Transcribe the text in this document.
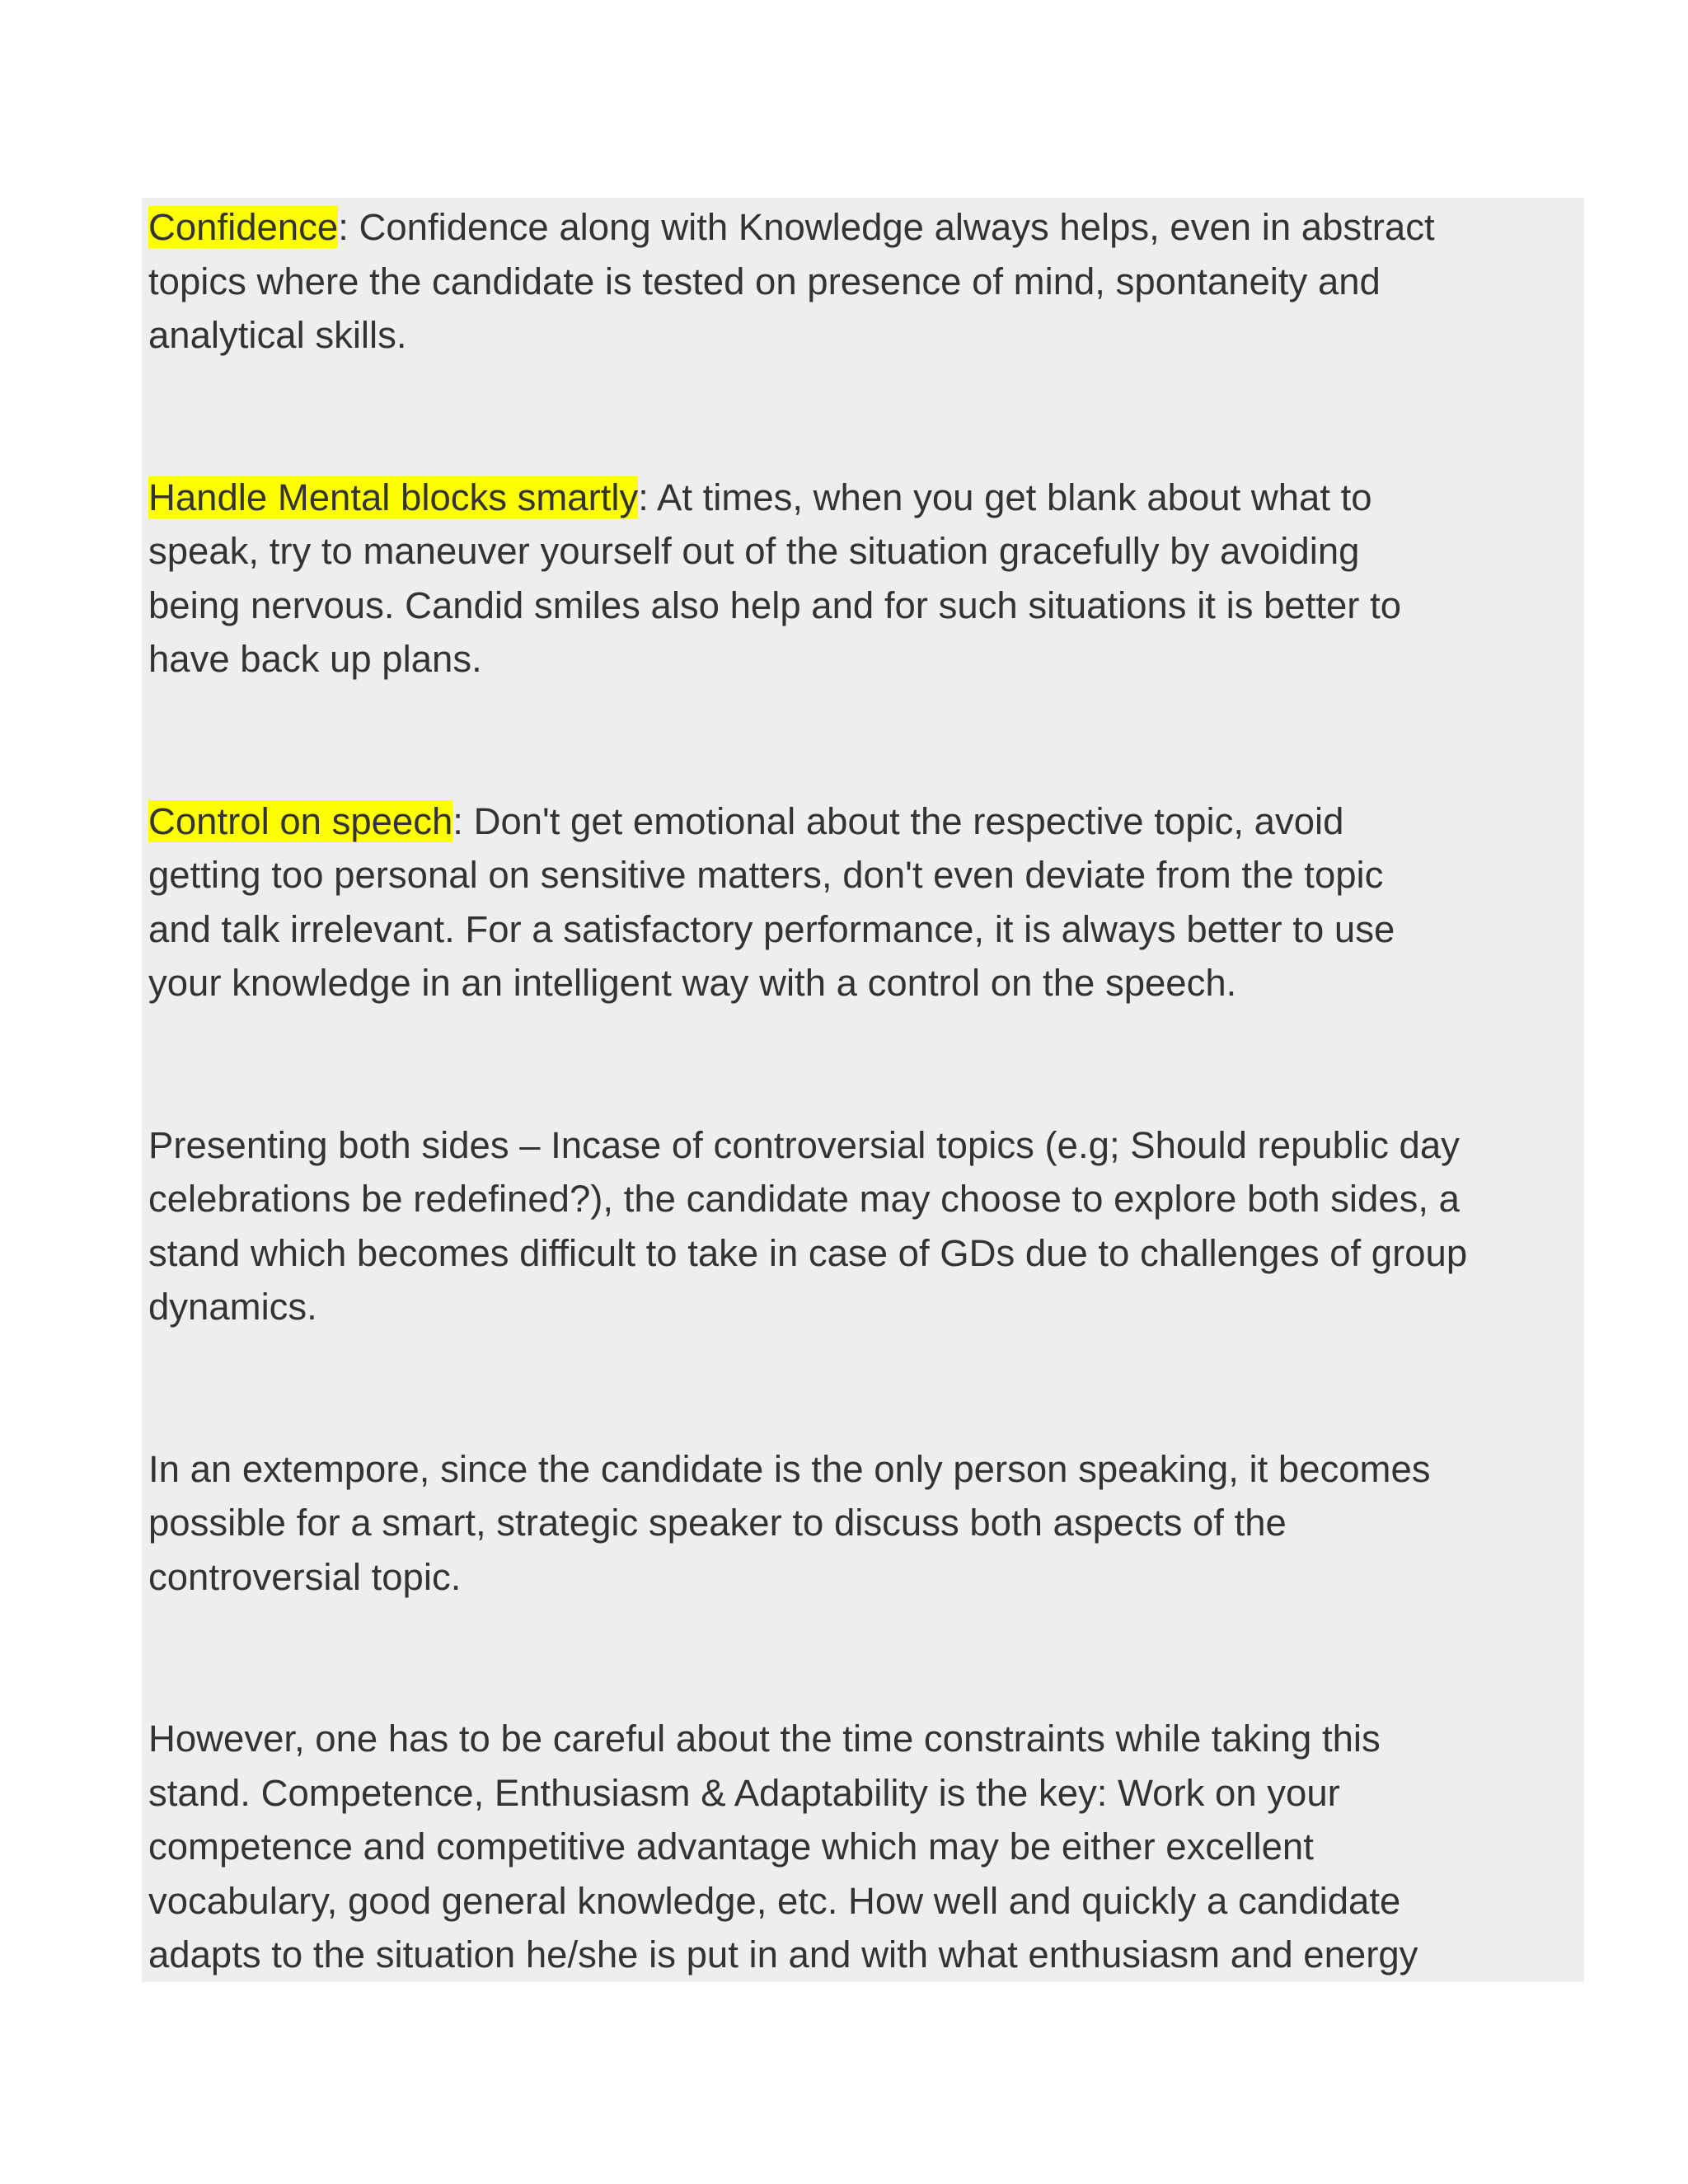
Confidence: Confidence along with Knowledge always helps, even in abstract
topics where the candidate is tested on presence of mind, spontaneity and
analytical skills.
Handle Mental blocks smartly: At times, when you get blank about what to
speak, try to maneuver yourself out of the situation gracefully by avoiding
being nervous. Candid smiles also help and for such situations it is better to
have back up plans.
Control on speech: Don't get emotional about the respective topic, avoid
getting too personal on sensitive matters, don't even deviate from the topic
and talk irrelevant. For a satisfactory performance, it is always better to use
your knowledge in an intelligent way with a control on the speech.
Presenting both sides – Incase of controversial topics (e.g; Should republic day
celebrations be redefined?), the candidate may choose to explore both sides, a
stand which becomes difficult to take in case of GDs due to challenges of group
dynamics.
In an extempore, since the candidate is the only person speaking, it becomes
possible for a smart, strategic speaker to discuss both aspects of the
controversial topic.
However, one has to be careful about the time constraints while taking this
stand. Competence, Enthusiasm & Adaptability is the key: Work on your
competence and competitive advantage which may be either excellent
vocabulary, good general knowledge, etc. How well and quickly a candidate
adapts to the situation he/she is put in and with what enthusiasm and energy
